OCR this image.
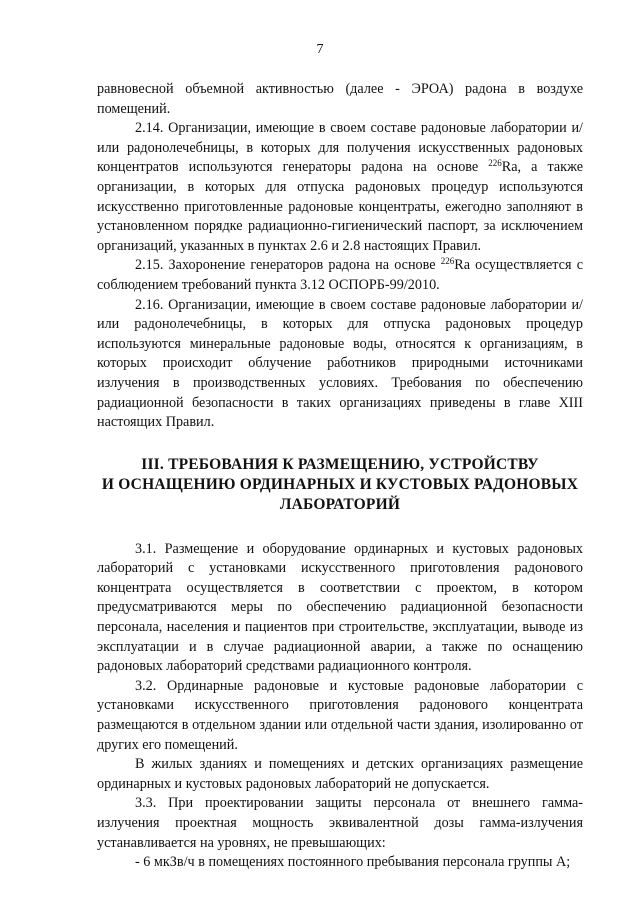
7

равновесной объемной активностью (далее - ЭРОА) радона в воздухе помещений.

2.14. Организации, имеющие в своем составе радоновые лаборатории и/или радонолечебницы, в которых для получения искусственных радоновых концентратов используются генераторы радона на основе $^{226}$Ra, а также организации, в которых для отпуска радоновых процедур используются искусственно приготовленные радоновые концентраты, ежегодно заполняют в установленном порядке радиационно-гигиенический паспорт, за исключением организаций, указанных в пунктах 2.6 и 2.8 настоящих Правил.

2.15. Захоронение генераторов радона на основе $^{226}$Ra осуществляется с соблюдением требований пункта 3.12 ОСПОРБ-99/2010.

2.16. Организации, имеющие в своем составе радоновые лаборатории и/или радонолечебницы, в которых для отпуска радоновых процедур используются минеральные радоновые воды, относятся к организациям, в которых происходит облучение работников природными источниками излучения в производственных условиях. Требования по обеспечению радиационной безопасности в таких организациях приведены в главе XIII настоящих Правил.

III. ТРЕБОВАНИЯ К РАЗМЕЩЕНИЮ, УСТРОЙСТВУ
И ОСНАЩЕНИЮ ОРДИНАРНЫХ И КУСТОВЫХ РАДОНОВЫХ
ЛАБОРАТОРИЙ

3.1. Размещение и оборудование ординарных и кустовых радоновых лабораторий с установками искусственного приготовления радонового концентрата осуществляется в соответствии с проектом, в котором предусматриваются меры по обеспечению радиационной безопасности персонала, населения и пациентов при строительстве, эксплуатации, выводе из эксплуатации и в случае радиационной аварии, а также по оснащению радоновых лабораторий средствами радиационного контроля.

3.2. Ординарные радоновые и кустовые радоновые лаборатории с установками искусственного приготовления радонового концентрата размещаются в отдельном здании или отдельной части здания, изолированно от других его помещений.

В жилых зданиях и помещениях и детских организациях размещение ординарных и кустовых радоновых лабораторий не допускается.

3.3. При проектировании защиты персонала от внешнего гамма-излучения проектная мощность эквивалентной дозы гамма-излучения устанавливается на уровнях, не превышающих:

- 6 мкЗв/ч в помещениях постоянного пребывания персонала группы А;
